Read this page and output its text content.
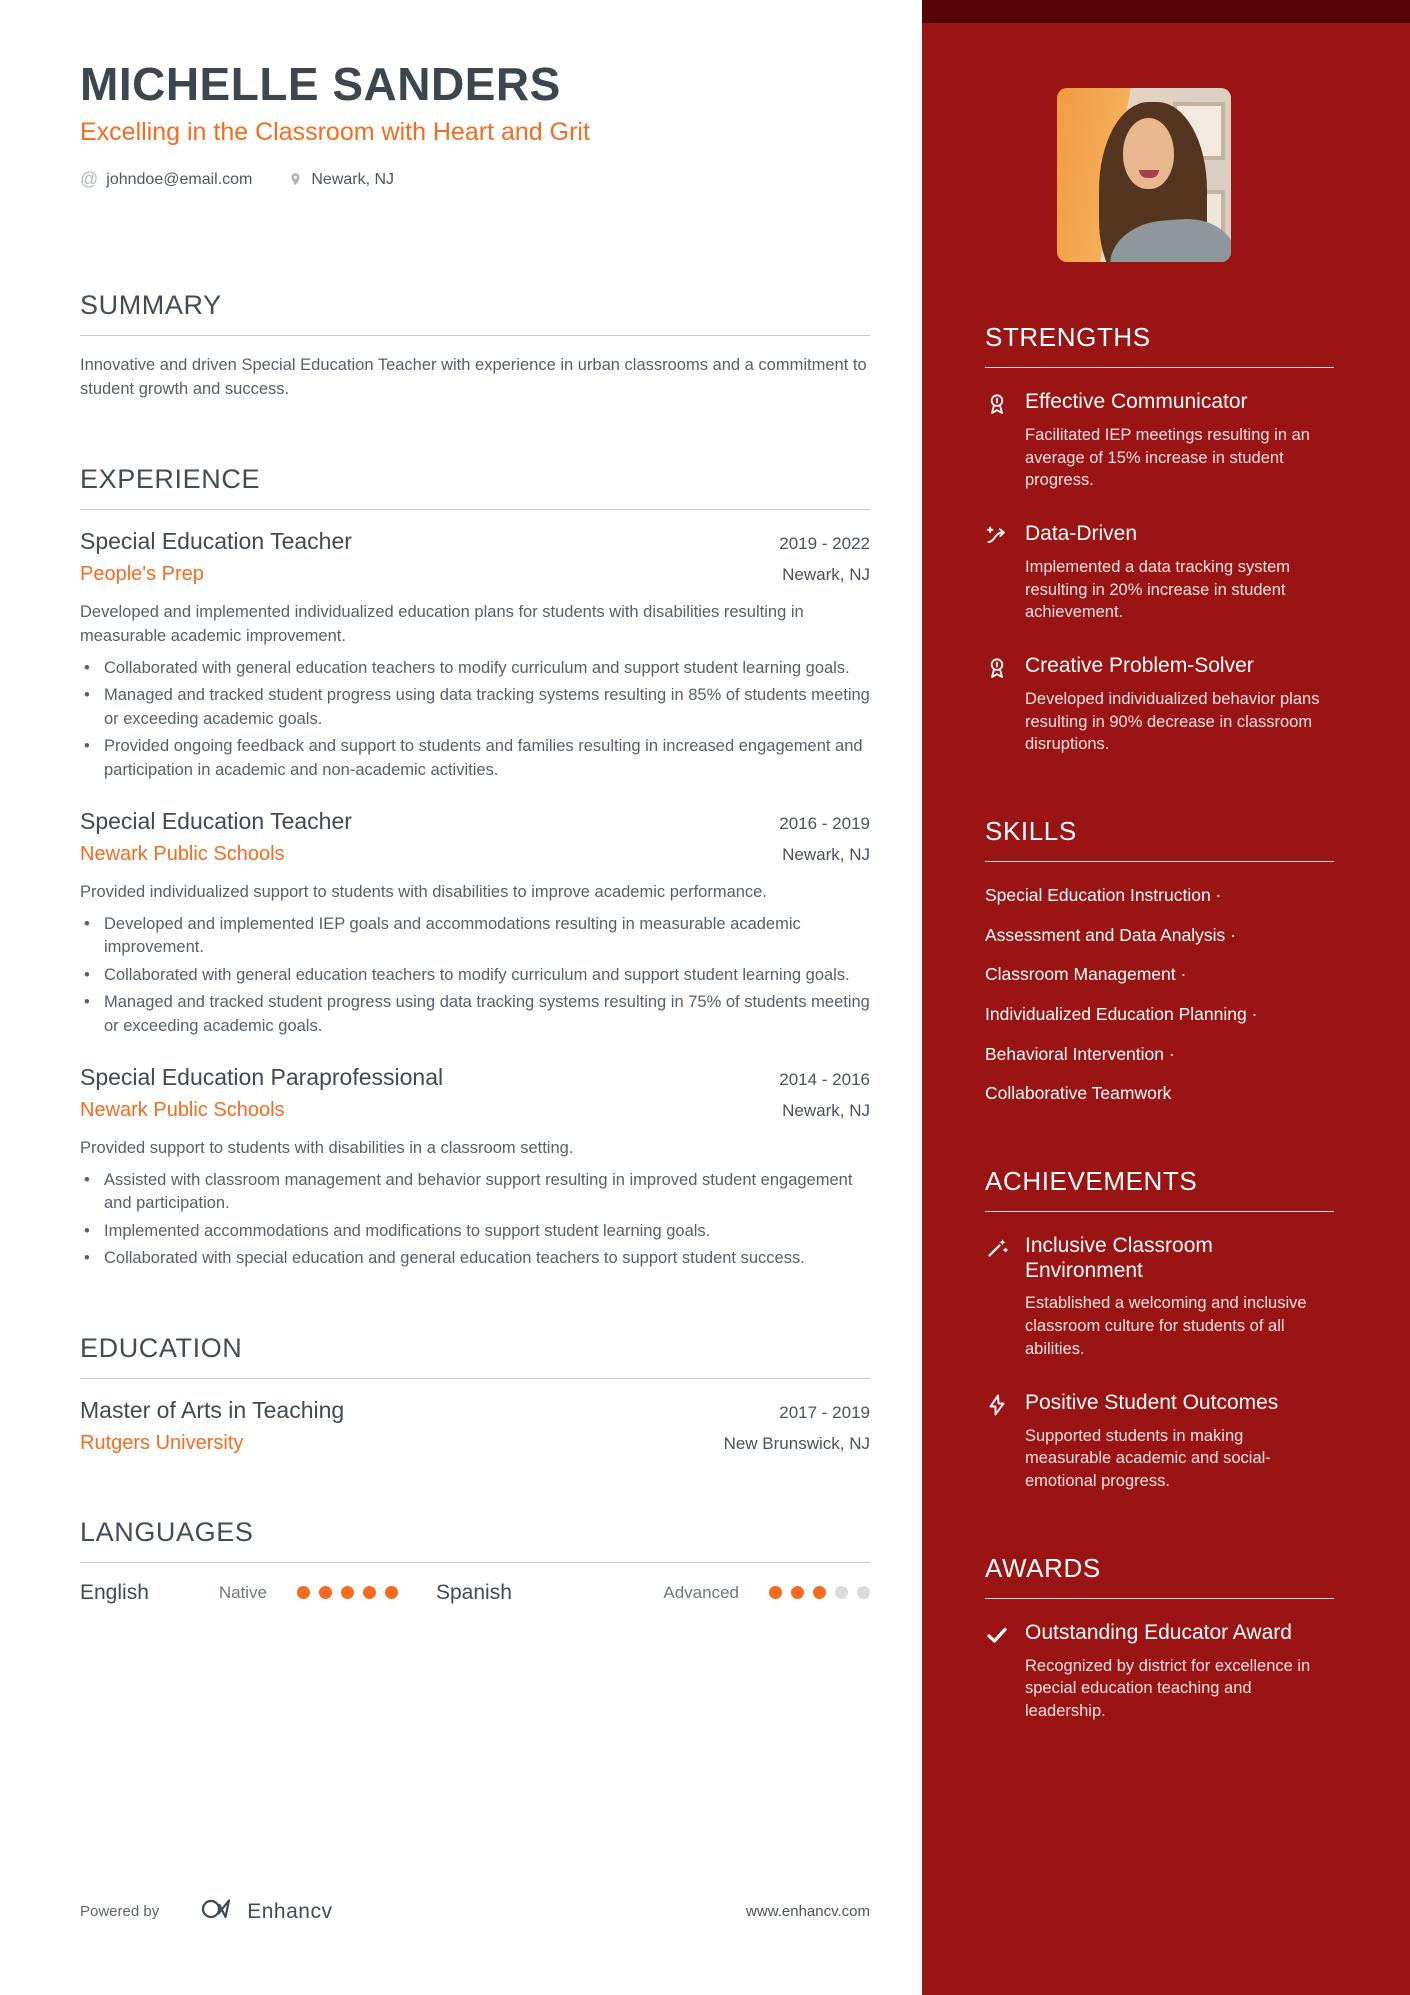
MICHELLE SANDERS
Excelling in the Classroom with Heart and Grit
@ johndoe@email.com	Newark, NJ
SUMMARY
Innovative and driven Special Education Teacher with experience in urban classrooms and a commitment to student growth and success.
EXPERIENCE
Special Education Teacher	2019 - 2022
People's Prep	Newark, NJ
Developed and implemented individualized education plans for students with disabilities resulting in measurable academic improvement.
• Collaborated with general education teachers to modify curriculum and support student learning goals.
• Managed and tracked student progress using data tracking systems resulting in 85% of students meeting or exceeding academic goals.
• Provided ongoing feedback and support to students and families resulting in increased engagement and participation in academic and non-academic activities.
Special Education Teacher	2016 - 2019
Newark Public Schools	Newark, NJ
Provided individualized support to students with disabilities to improve academic performance.
• Developed and implemented IEP goals and accommodations resulting in measurable academic improvement.
• Collaborated with general education teachers to modify curriculum and support student learning goals.
• Managed and tracked student progress using data tracking systems resulting in 75% of students meeting or exceeding academic goals.
Special Education Paraprofessional	2014 - 2016
Newark Public Schools	Newark, NJ
Provided support to students with disabilities in a classroom setting.
• Assisted with classroom management and behavior support resulting in improved student engagement and participation.
• Implemented accommodations and modifications to support student learning goals.
• Collaborated with special education and general education teachers to support student success.
EDUCATION
Master of Arts in Teaching	2017 - 2019
Rutgers University	New Brunswick, NJ
LANGUAGES
English	Native	Spanish	Advanced
Powered by	Enhancv	www.enhancv.com
STRENGTHS
Effective Communicator
Facilitated IEP meetings resulting in an average of 15% increase in student progress.
Data-Driven
Implemented a data tracking system resulting in 20% increase in student achievement.
Creative Problem-Solver
Developed individualized behavior plans resulting in 90% decrease in classroom disruptions.
SKILLS
Special Education Instruction ·
Assessment and Data Analysis ·
Classroom Management ·
Individualized Education Planning ·
Behavioral Intervention ·
Collaborative Teamwork
ACHIEVEMENTS
Inclusive Classroom Environment
Established a welcoming and inclusive classroom culture for students of all abilities.
Positive Student Outcomes
Supported students in making measurable academic and social-emotional progress.
AWARDS
Outstanding Educator Award
Recognized by district for excellence in special education teaching and leadership.
